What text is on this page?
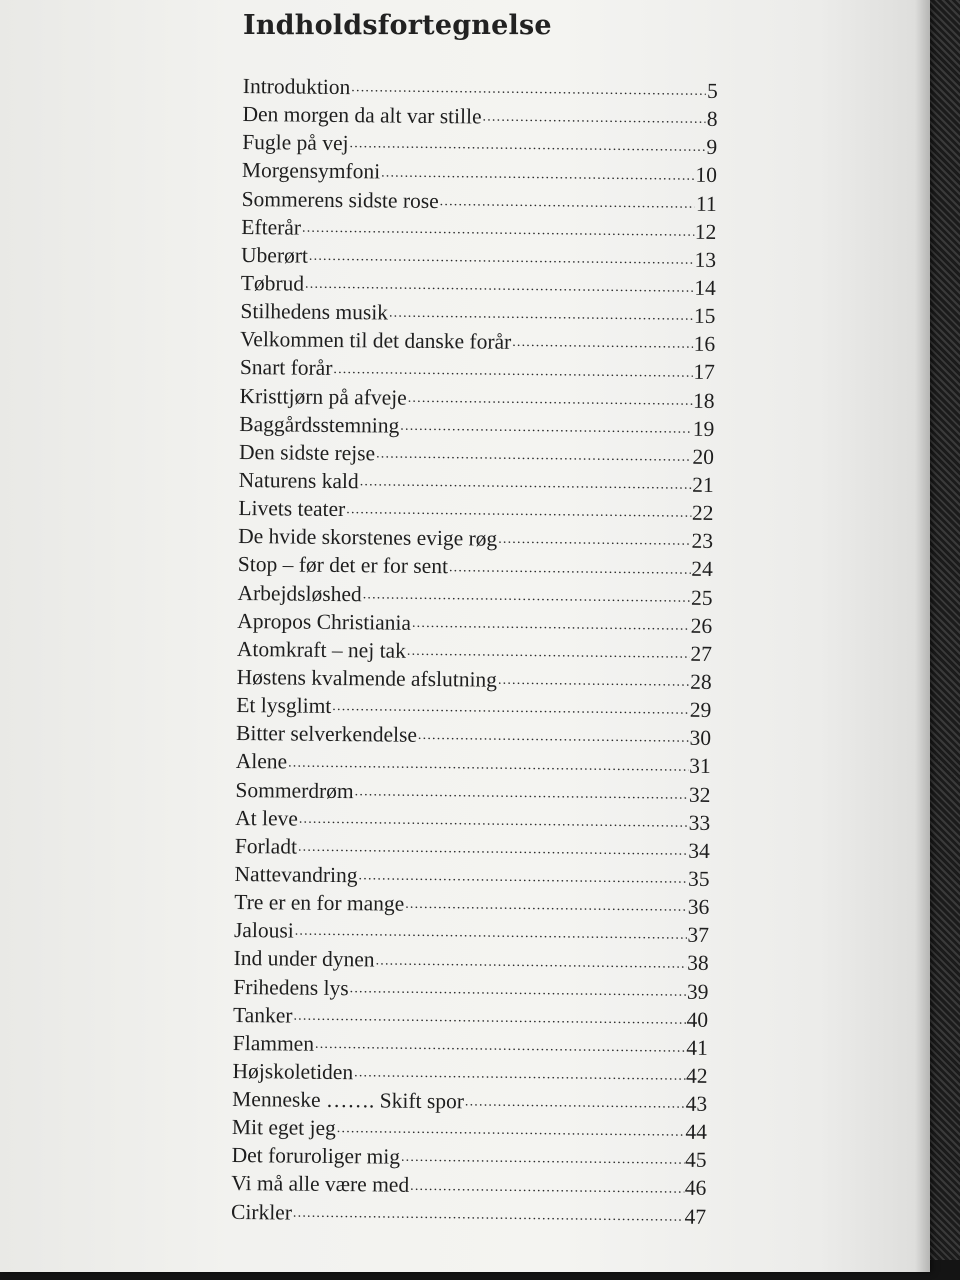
Indholdsfortegnelse
Introduktion .....	5
Den morgen da alt var stille .....	8
Fugle på vej .....	9
Morgensymfoni .....	10
Sommerens sidste rose .....	11
Efterår .....	12
Uberørt .....	13
Tøbrud .....	14
Stilhedens musik .....	15
Velkommen til det danske forår .....	16
Snart forår .....	17
Kristtjørn på afveje .....	18
Baggårdsstemning .....	19
Den sidste rejse .....	20
Naturens kald .....	21
Livets teater .....	22
De hvide skorstenes evige røg .....	23
Stop – før det er for sent .....	24
Arbejdsløshed .....	25
Apropos Christiania .....	26
Atomkraft – nej tak .....	27
Høstens kvalmende afslutning .....	28
Et lysglimt .....	29
Bitter selverkendelse .....	30
Alene .....	31
Sommerdrøm .....	32
At leve .....	33
Forladt .....	34
Nattevandring .....	35
Tre er en for mange .....	36
Jalousi .....	37
Ind under dynen .....	38
Frihedens lys .....	39
Tanker .....	40
Flammen .....	41
Højskoletiden .....	42
Menneske ……. Skift spor .....	43
Mit eget jeg .....	44
Det foruroliger mig .....	45
Vi må alle være med .....	46
Cirkler .....	47
